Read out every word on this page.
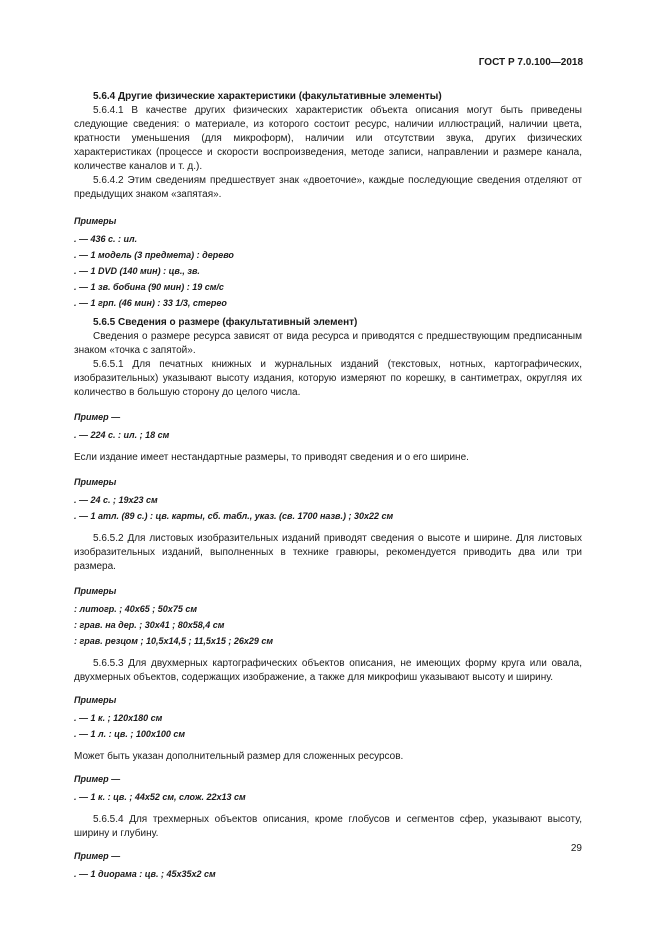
ГОСТ Р 7.0.100—2018

5.6.4 Другие физические характеристики (факультативные элементы)

5.6.4.1 В качестве других физических характеристик объекта описания могут быть приведены следующие сведения: о материале, из которого состоит ресурс, наличии иллюстраций, наличии цвета, кратности уменьшения (для микроформ), наличии или отсутствии звука, других физических характеристиках (процессе и скорости воспроизведения, методе записи, направлении и размере канала, количестве каналов и т. д.).

5.6.4.2 Этим сведениям предшествует знак «двоеточие», каждые последующие сведения отделяют от предыдущих знаком «запятая».

Примеры
. — 436 с. : ил.
. — 1 модель (3 предмета) : дерево
. — 1 DVD (140 мин) : цв., зв.
. — 1 зв. бобина (90 мин) : 19 см/с
. — 1 грп. (46 мин) : 33 1/3, стерео

5.6.5 Сведения о размере (факультативный элемент)

Сведения о размере ресурса зависят от вида ресурса и приводятся с предшествующим предписанным знаком «точка с запятой».

5.6.5.1 Для печатных книжных и журнальных изданий (текстовых, нотных, картографических, изобразительных) указывают высоту издания, которую измеряют по корешку, в сантиметрах, округляя их количество в большую сторону до целого числа.

Пример —
. — 224 с. : ил. ; 18 см

Если издание имеет нестандартные размеры, то приводят сведения и о его ширине.

Примеры
. — 24 с. ; 19x23 см
. — 1 атл. (89 с.) : цв. карты, сб. табл., указ. (св. 1700 назв.) ; 30x22 см

5.6.5.2 Для листовых изобразительных изданий приводят сведения о высоте и ширине. Для листовых изобразительных изданий, выполненных в технике гравюры, рекомендуется приводить два или три размера.

Примеры
: литогр. ; 40x65 ; 50x75 см
: грав. на дер. ; 30x41 ; 80x58,4 см
: грав. резцом ; 10,5x14,5 ; 11,5x15 ; 26x29 см

5.6.5.3 Для двухмерных картографических объектов описания, не имеющих форму круга или овала, двухмерных объектов, содержащих изображение, а также для микрофиш указывают высоту и ширину.

Примеры
. — 1 к. ; 120x180 см
. — 1 л. : цв. ; 100x100 см

Может быть указан дополнительный размер для сложенных ресурсов.

Пример —
. — 1 к. : цв. ; 44x52 см, слож. 22x13 см

5.6.5.4 Для трехмерных объектов описания, кроме глобусов и сегментов сфер, указывают высоту, ширину и глубину.

Пример —
. — 1 диорама : цв. ; 45x35x2 см
29
